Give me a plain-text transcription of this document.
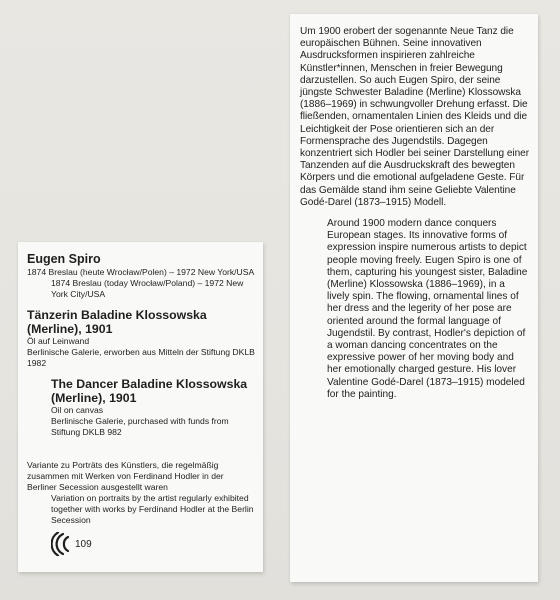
Eugen Spiro
1874 Breslau (heute Wrocław/Polen) – 1972 New York/USA
1874 Breslau (today Wrocław/Poland) – 1972 New York City/USA
Tänzerin Baladine Klossowska (Merline), 1901
Öl auf Leinwand
Berlinische Galerie, erworben aus Mitteln der Stiftung DKLB 1982
The Dancer Baladine Klossowska (Merline), 1901
Oil on canvas
Berlinische Galerie, purchased with funds from Stiftung DKLB 982
Variante zu Porträts des Künstlers, die regelmäßig zusammen mit Werken von Ferdinand Hodler in der Berliner Secession ausgestellt waren
Variation on portraits by the artist regularly exhibited together with works by Ferdinand Hodler at the Berlin Secession
109

Um 1900 erobert der sogenannte Neue Tanz die europäischen Bühnen. Seine innovativen Ausdrucksformen inspirieren zahlreiche Künstler*innen, Menschen in freier Bewegung darzustellen. So auch Eugen Spiro, der seine jüngste Schwester Baladine (Merline) Klossowska (1886–1969) in schwungvoller Drehung erfasst. Die fließenden, ornamentalen Linien des Kleids und die Leichtigkeit der Pose orientieren sich an der Formensprache des Jugendstils. Dagegen konzentriert sich Hodler bei seiner Darstellung einer Tanzenden auf die Ausdruckskraft des bewegten Körpers und die emotional aufgeladene Geste. Für das Gemälde stand ihm seine Geliebte Valentine Godé-Darel (1873–1915) Modell.

Around 1900 modern dance conquers European stages. Its innovative forms of expression inspire numerous artists to depict people moving freely. Eugen Spiro is one of them, capturing his youngest sister, Baladine (Merline) Klossowska (1886–1969), in a lively spin. The flowing, ornamental lines of her dress and the legerity of her pose are oriented around the formal language of Jugendstil. By contrast, Hodler's depiction of a woman dancing concentrates on the expressive power of her moving body and her emotionally charged gesture. His lover Valentine Godé-Darel (1873–1915) modeled for the painting.
